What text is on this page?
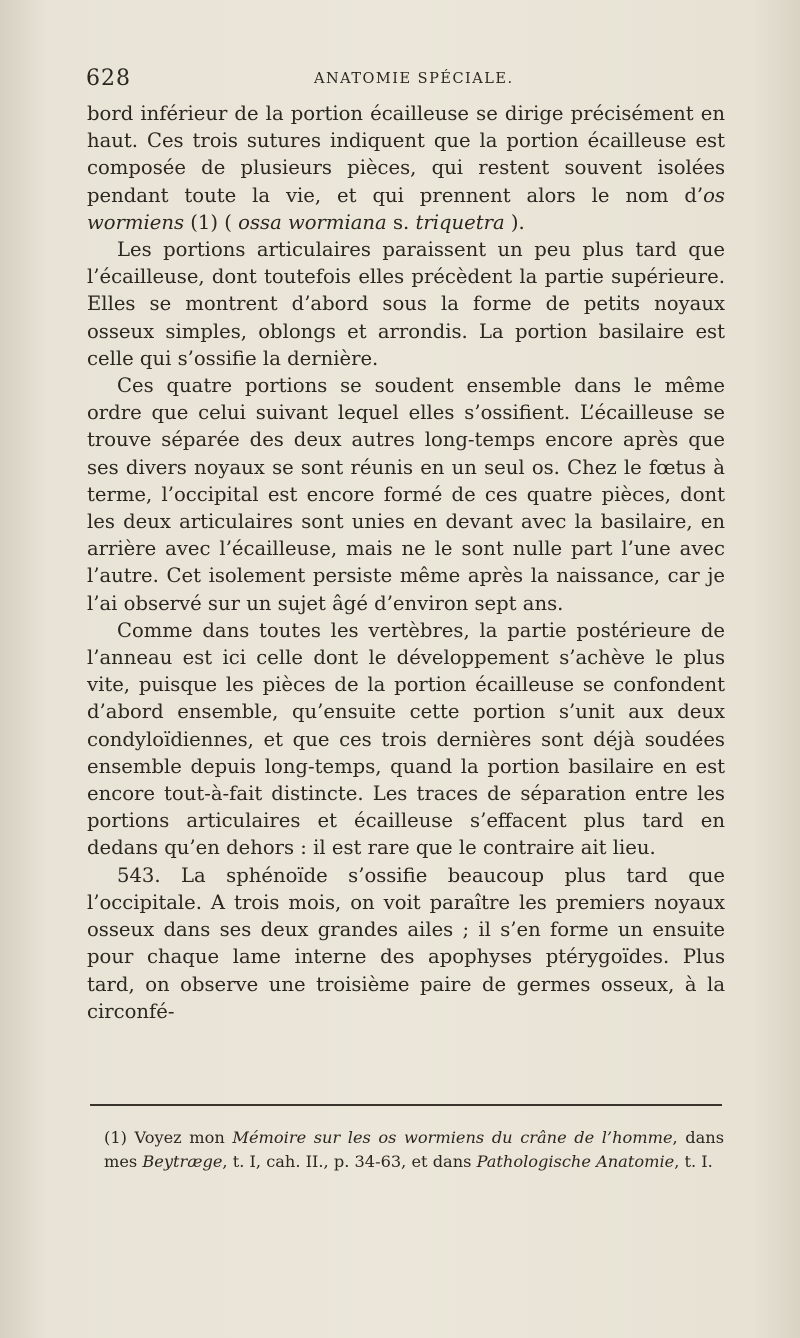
628	ANATOMIE SPÉCIALE.

bord inférieur de la portion écailleuse se dirige précisément en haut. Ces trois sutures indiquent que la portion écailleuse est composée de plusieurs pièces, qui restent souvent isolées pendant toute la vie, et qui prennent alors le nom d’os wormiens (1) ( ossa wormiana s. triquetra ).

Les portions articulaires paraissent un peu plus tard que l’écailleuse, dont toutefois elles précèdent la partie supérieure. Elles se montrent d’abord sous la forme de petits noyaux osseux simples, oblongs et arrondis. La portion basilaire est celle qui s’ossifie la dernière.

Ces quatre portions se soudent ensemble dans le même ordre que celui suivant lequel elles s’ossifient. L’écailleuse se trouve séparée des deux autres long-temps encore après que ses divers noyaux se sont réunis en un seul os. Chez le fœtus à terme, l’occipital est encore formé de ces quatre pièces, dont les deux articulaires sont unies en devant avec la basilaire, en arrière avec l’écailleuse, mais ne le sont nulle part l’une avec l’autre. Cet isolement persiste même après la naissance, car je l’ai observé sur un sujet âgé d’environ sept ans.

Comme dans toutes les vertèbres, la partie postérieure de l’anneau est ici celle dont le développement s’achève le plus vite, puisque les pièces de la portion écailleuse se confondent d’abord ensemble, qu’ensuite cette portion s’unit aux deux condyloïdiennes, et que ces trois dernières sont déjà soudées ensemble depuis long-temps, quand la portion basilaire en est encore tout-à-fait distincte. Les traces de séparation entre les portions articulaires et écailleuse s’effacent plus tard en dedans qu’en dehors : il est rare que le contraire ait lieu.

543. La sphénoïde s’ossifie beaucoup plus tard que l’occipitale. A trois mois, on voit paraître les premiers noyaux osseux dans ses deux grandes ailes ; il s’en forme un ensuite pour chaque lame interne des apophyses ptérygoïdes. Plus tard, on observe une troisième paire de germes osseux, à la circonfé-

(1) Voyez mon Mémoire sur les os wormiens du crâne de l’homme, dans mes Beytræge, t. I, cah. II., p. 34-63, et dans Pathologische Anatomie, t. I.
